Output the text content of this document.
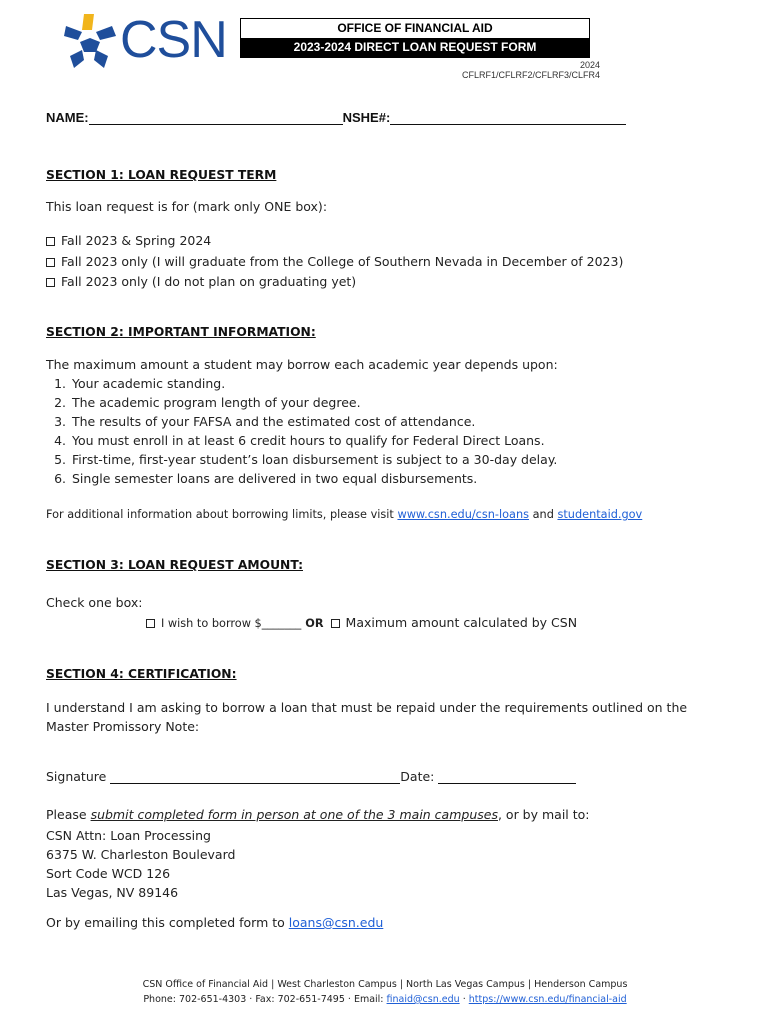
CSN	OFFICE OF FINANCIAL AID
2023-2024 DIRECT LOAN REQUEST FORM
2024 CFLRF1/CFLRF2/CFLRF3/CLFR4
NAME:	NSHE#:
SECTION 1: LOAN REQUEST TERM
This loan request is for (mark only ONE box):
Fall 2023 & Spring 2024
Fall 2023 only (I will graduate from the College of Southern Nevada in December of 2023)
Fall 2023 only (I do not plan on graduating yet)
SECTION 2: IMPORTANT INFORMATION:
The maximum amount a student may borrow each academic year depends upon:
1. Your academic standing.
2. The academic program length of your degree.
3. The results of your FAFSA and the estimated cost of attendance.
4. You must enroll in at least 6 credit hours to qualify for Federal Direct Loans.
5. First-time, first-year student’s loan disbursement is subject to a 30-day delay.
6. Single semester loans are delivered in two equal disbursements.
For additional information about borrowing limits, please visit www.csn.edu/csn-loans and studentaid.gov
SECTION 3: LOAN REQUEST AMOUNT:
Check one box:
I wish to borrow $_______ OR Maximum amount calculated by CSN
SECTION 4: CERTIFICATION:
I understand I am asking to borrow a loan that must be repaid under the requirements outlined on the Master Promissory Note:
Signature	Date:
Please submit completed form in person at one of the 3 main campuses, or by mail to:
CSN Attn: Loan Processing
6375 W. Charleston Boulevard
Sort Code WCD 126
Las Vegas, NV 89146
Or by emailing this completed form to loans@csn.edu
CSN Office of Financial Aid | West Charleston Campus | North Las Vegas Campus | Henderson Campus
Phone: 702-651-4303 · Fax: 702-651-7495 · Email: finaid@csn.edu · https://www.csn.edu/financial-aid
